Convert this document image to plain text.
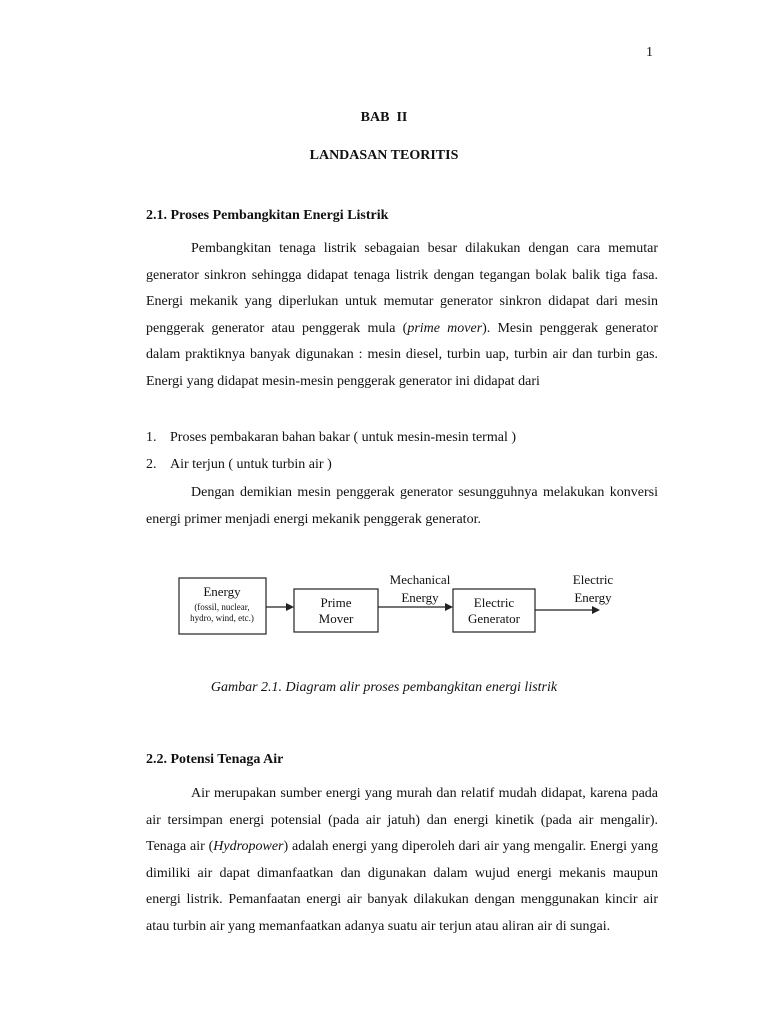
1
BAB  II
LANDASAN TEORITIS
2.1. Proses Pembangkitan Energi Listrik

Pembangkitan tenaga listrik sebagaian besar dilakukan dengan cara memutar generator sinkron sehingga didapat tenaga listrik dengan tegangan bolak balik tiga fasa. Energi mekanik yang diperlukan untuk memutar generator sinkron didapat dari mesin penggerak generator atau penggerak mula (prime mover). Mesin penggerak generator dalam praktiknya banyak digunakan : mesin diesel, turbin uap, turbin air dan turbin gas. Energi yang didapat mesin-mesin penggerak generator ini didapat dari

1. Proses pembakaran bahan bakar ( untuk mesin-mesin termal )
2. Air terjun ( untuk turbin air )

Dengan demikian mesin penggerak generator sesungguhnya melakukan konversi energi primer menjadi energi mekanik penggerak generator.

Energy
(fossil, nuclear,
hydro, wind, etc.)
Prime
Mover
Mechanical
Energy	Electric
Generator
Electric
Energy
Gambar 2.1. Diagram alir proses pembangkitan energi listrik
2.2. Potensi Tenaga Air

Air merupakan sumber energi yang murah dan relatif mudah didapat, karena pada air tersimpan energi potensial (pada air jatuh) dan energi kinetik (pada air mengalir). Tenaga air (Hydropower) adalah energi yang diperoleh dari air yang mengalir. Energi yang dimiliki air dapat dimanfaatkan dan digunakan dalam wujud energi mekanis maupun energi listrik. Pemanfaatan energi air banyak dilakukan dengan menggunakan kincir air atau turbin air yang memanfaatkan adanya suatu air terjun atau aliran air di sungai.
